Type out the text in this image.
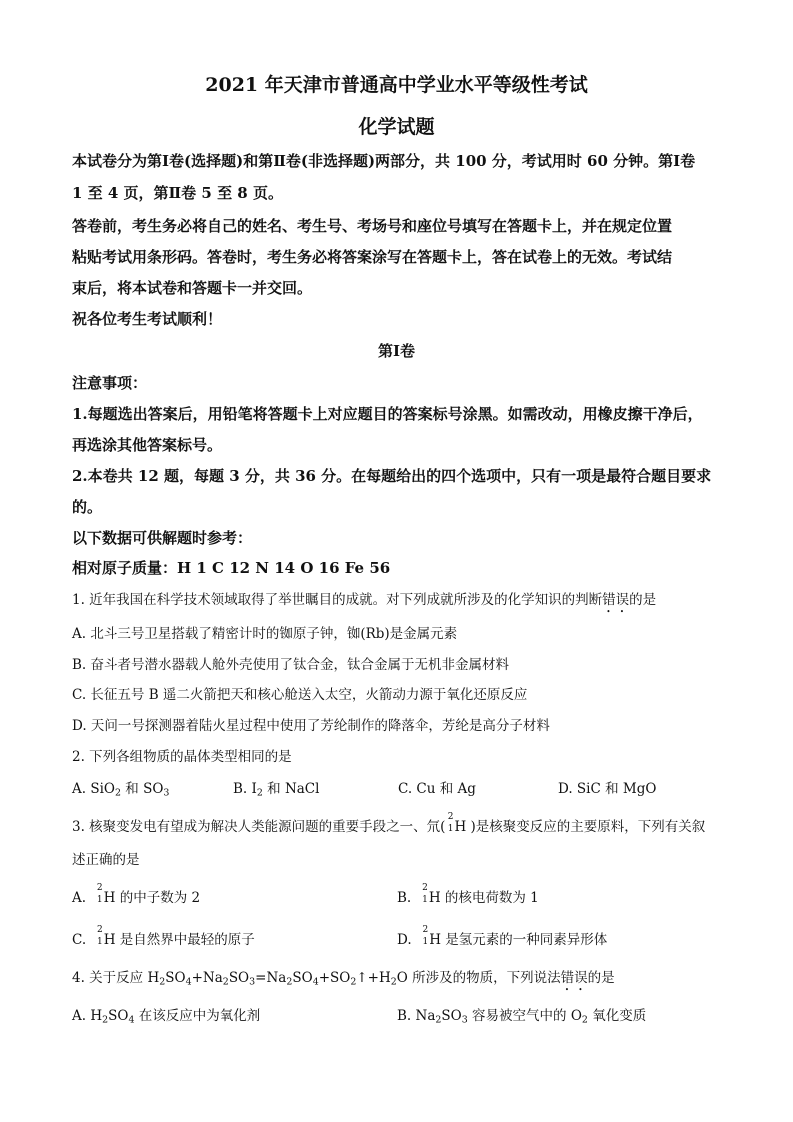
2021 年天津市普通高中学业水平等级性考试
化学试题
本试卷分为第Ⅰ卷(选择题)和第Ⅱ卷(非选择题)两部分，共 100 分，考试用时 60 分钟。第Ⅰ卷
1 至 4 页，第Ⅱ卷 5 至 8 页。
答卷前，考生务必将自己的姓名、考生号、考场号和座位号填写在答题卡上，并在规定位置
粘贴考试用条形码。答卷时，考生务必将答案涂写在答题卡上，答在试卷上的无效。考试结
束后，将本试卷和答题卡一并交回。
祝各位考生考试顺利！
第Ⅰ卷
注意事项：
1.每题选出答案后，用铅笔将答题卡上对应题目的答案标号涂黑。如需改动，用橡皮擦干净后，
再选涂其他答案标号。
2.本卷共 12 题，每题 3 分，共 36 分。在每题给出的四个选项中，只有一项是最符合题目要求
的。
以下数据可供解题时参考：
相对原子质量：H 1 C 12 N 14 O 16 Fe 56
1. 近年我国在科学技术领域取得了举世瞩目的成就。对下列成就所涉及的化学知识的判断错误的是
A. 北斗三号卫星搭载了精密计时的铷原子钟，铷(Rb)是金属元素
B. 奋斗者号潜水器载人舱外壳使用了钛合金，钛合金属于无机非金属材料
C. 长征五号 B 遥二火箭把天和核心舱送入太空，火箭动力源于氧化还原反应
D. 天问一号探测器着陆火星过程中使用了芳纶制作的降落伞，芳纶是高分子材料
2. 下列各组物质的晶体类型相同的是
A. SiO$_2$ 和 $SO_3$	B. $I_2$ 和 NaCl	C. Cu 和 Ag	D. SiC 和 MgO
3. 核聚变发电有望成为解决人类能源问题的重要手段之一、氘(
2
1 H )是核聚变反应的主要原料，下列有关叙
述正确的是
A.
2
1 H 的中子数为 2	B.
2
1 H 的核电荷数为 1
C.
2
1 H 是自然界中最轻的原子	D.
2
1 H 是氢元素的一种同素异形体
4. 关于反应 $H_2SO_4+Na_2SO_3=Na_2SO_4+SO_2↑+H_2O$ 所涉及的物质，下列说法错误的是
A. $H_2SO_4$ 在该反应中为氧化剂	B. $Na_2SO_3$ 容易被空气中的 $O_2$ 氧化变质
